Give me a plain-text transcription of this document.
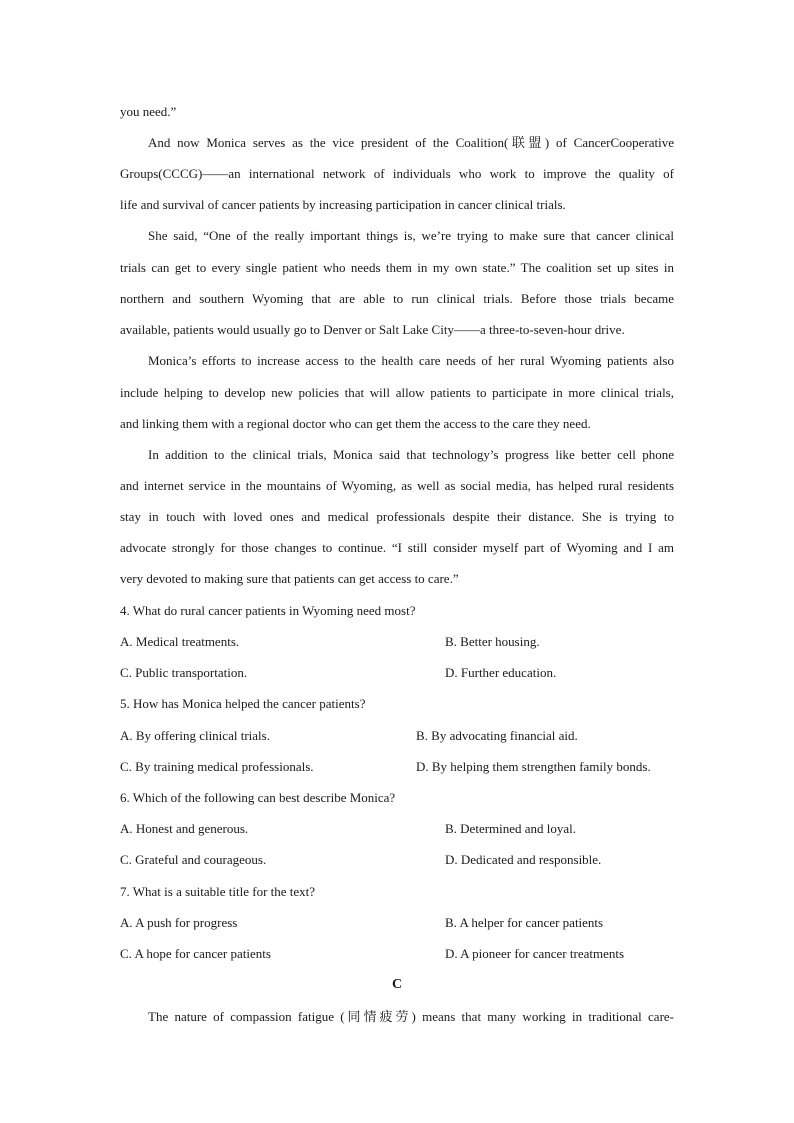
you need.”
And now Monica serves as the vice president of the Coalition(联盟) of CancerCooperative
Groups(CCCG)——an international network of individuals who work to improve the quality of
life and survival of cancer patients by increasing participation in cancer clinical trials.
She said, “One of the really important things is, we’re trying to make sure that cancer clinical
trials can get to every single patient who needs them in my own state.” The coalition set up sites in
northern and southern Wyoming that are able to run clinical trials. Before those trials became
available, patients would usually go to Denver or Salt Lake City——a three-to-seven-hour drive.
Monica’s efforts to increase access to the health care needs of her rural Wyoming patients also
include helping to develop new policies that will allow patients to participate in more clinical trials,
and linking them with a regional doctor who can get them the access to the care they need.
In addition to the clinical trials, Monica said that technology’s progress like better cell phone
and internet service in the mountains of Wyoming, as well as social media, has helped rural residents
stay in touch with loved ones and medical professionals despite their distance. She is trying to
advocate strongly for those changes to continue. “I still consider myself part of Wyoming and I am
very devoted to making sure that patients can get access to care.”
4. What do rural cancer patients in Wyoming need most?
A. Medical treatments.	B. Better housing.
C. Public transportation.	D. Further education.
5. How has Monica helped the cancer patients?
A. By offering clinical trials.	B. By advocating financial aid.
C. By training medical professionals.	D. By helping them strengthen family bonds.
6. Which of the following can best describe Monica?
A. Honest and generous.	B. Determined and loyal.
C. Grateful and courageous.	D. Dedicated and responsible.
7. What is a suitable title for the text?
A. A push for progress	B. A helper for cancer patients
C. A hope for cancer patients	D. A pioneer for cancer treatments
C
The nature of compassion fatigue (同情疲劳) means that many working in traditional care-
